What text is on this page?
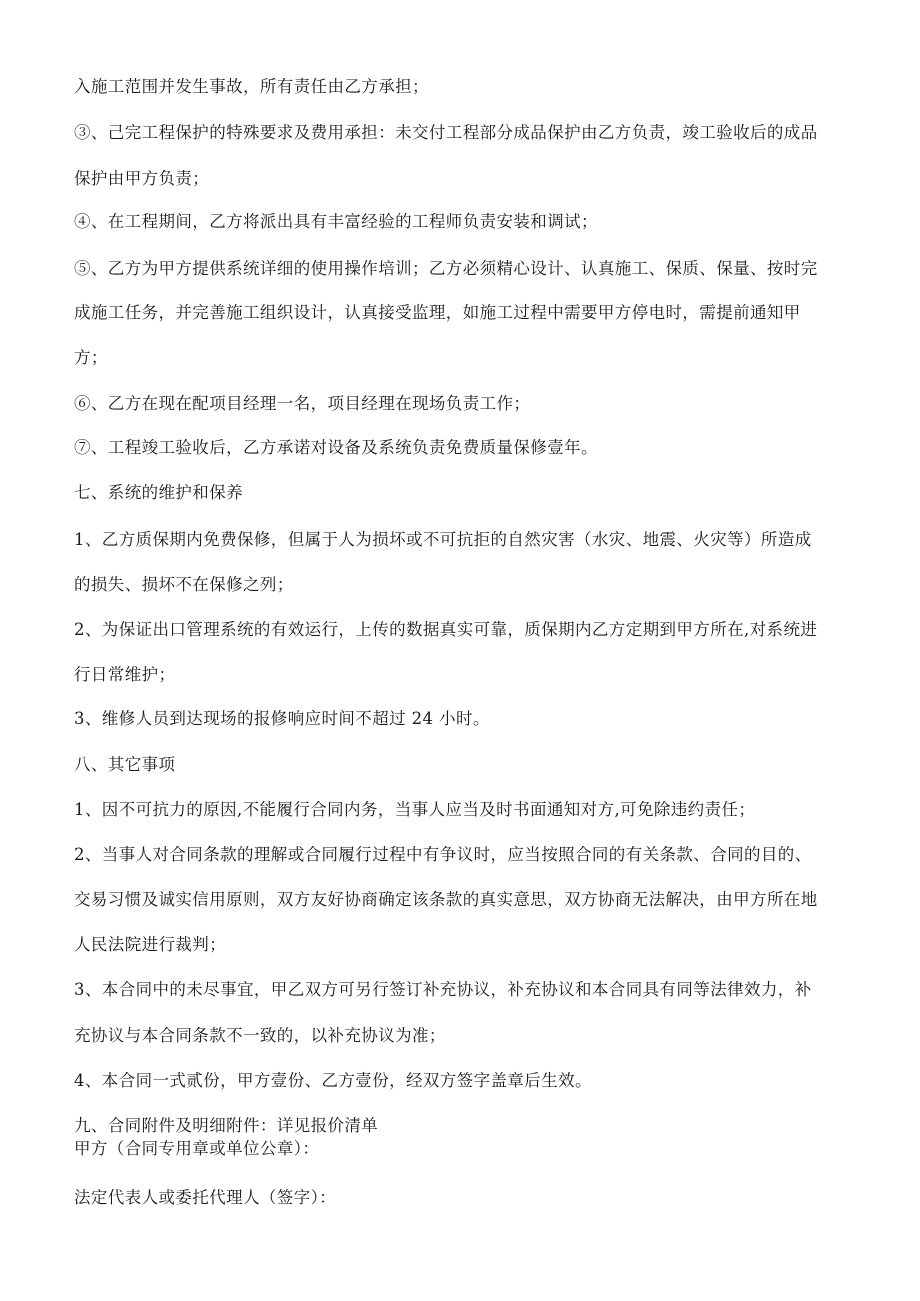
入施工范围并发生事故，所有责任由乙方承担；
③、己完工程保护的特殊要求及费用承担：未交付工程部分成品保护由乙方负责，竣工验收后的成品
保护由甲方负责；
④、在工程期间，乙方将派出具有丰富经验的工程师负责安装和调试；
⑤、乙方为甲方提供系统详细的使用操作培训；乙方必须精心设计、认真施工、保质、保量、按时完
成施工任务，并完善施工组织设计，认真接受监理，如施工过程中需要甲方停电时，需提前通知甲
方；
⑥、乙方在现在配项目经理一名，项目经理在现场负责工作；
⑦、工程竣工验收后，乙方承诺对设备及系统负责免费质量保修壹年。
七、系统的维护和保养
1、乙方质保期内免费保修，但属于人为损坏或不可抗拒的自然灾害（水灾、地震、火灾等）所造成
的损失、损坏不在保修之列；
2、为保证出口管理系统的有效运行，上传的数据真实可靠，质保期内乙方定期到甲方所在,对系统进
行日常维护；
3、维修人员到达现场的报修响应时间不超过 24 小时。
八、其它事项
1、因不可抗力的原因,不能履行合同内务，当事人应当及时书面通知对方,可免除违约责任；
2、当事人对合同条款的理解或合同履行过程中有争议时，应当按照合同的有关条款、合同的目的、
交易习惯及诚实信用原则，双方友好协商确定该条款的真实意思，双方协商无法解决，由甲方所在地
人民法院进行裁判；
3、本合同中的未尽事宜，甲乙双方可另行签订补充协议，补充协议和本合同具有同等法律效力，补
充协议与本合同条款不一致的，以补充协议为准；
4、本合同一式贰份，甲方壹份、乙方壹份，经双方签字盖章后生效。
九、合同附件及明细附件：详见报价清单
甲方（合同专用章或单位公章）：
法定代表人或委托代理人（签字）：
